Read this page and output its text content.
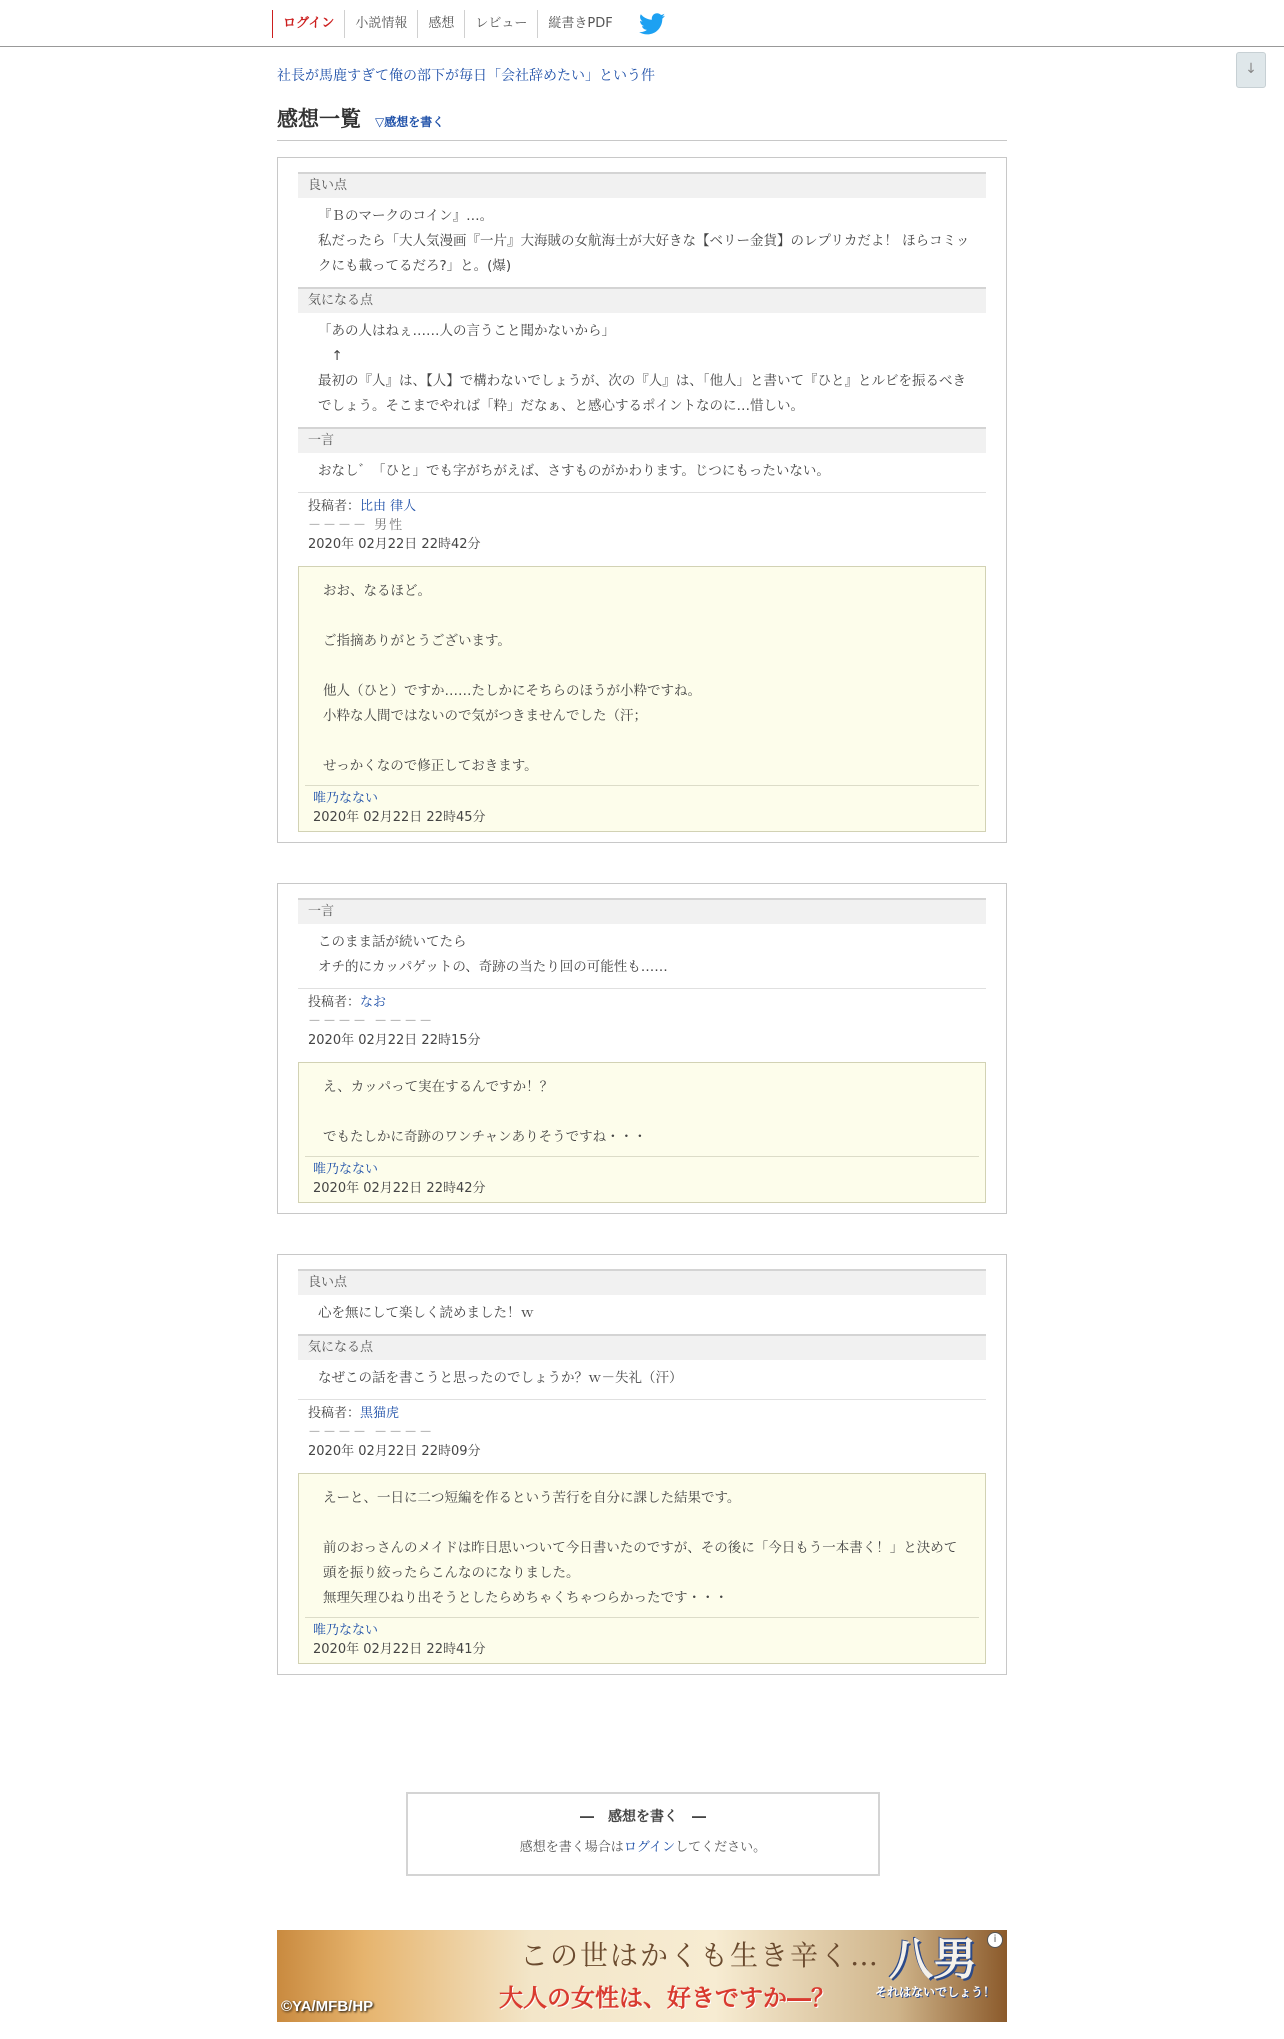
ログイン	小説情報	感想	レビュー	縦書きPDF
↓
社長が馬鹿すぎて俺の部下が毎日「会社辞めたい」という件
感想一覧 ▽感想を書く
良い点
『Ｂのマークのコイン』…。
私だったら「大人気漫画『一片』大海賊の女航海士が大好きな【ベリー金貨】のレプリカだよ！ ほらコミックにも載ってるだろ?」と。(爆)
気になる点
「あの人はねぇ……人の言うこと聞かないから」
　↑
最初の『人』は、【人】で構わないでしょうが、次の『人』は、「他人」と書いて『ひと』とルビを振るべきでしょう。そこまでやれば「粋」だなぁ、と感心するポイントなのに…惜しい。
一言
おなし゛「ひと」でも字がちがえば、さすものがかわります。じつにもったいない。
投稿者：比由 律人
－－－－ 男性
2020年 02月22日 22時42分
おお、なるほど。

ご指摘ありがとうございます。

他人（ひと）ですか……たしかにそちらのほうが小粋ですね。
小粋な人間ではないので気がつきませんでした（汗；

せっかくなので修正しておきます。
唯乃なない
2020年 02月22日 22時45分
一言
このまま話が続いてたら
オチ的にカッパゲットの、奇跡の当たり回の可能性も……
投稿者：なお
－－－－ －－－－
2020年 02月22日 22時15分
え、カッパって実在するんですか！？

でもたしかに奇跡のワンチャンありそうですね・・・
唯乃なない
2020年 02月22日 22時42分
良い点
心を無にして楽しく読めました！ｗ
気になる点
なぜこの話を書こうと思ったのでしょうか？ｗ－失礼（汗）
投稿者：黒猫虎
－－－－ －－－－
2020年 02月22日 22時09分
えーと、一日に二つ短編を作るという苦行を自分に課した結果です。

前のおっさんのメイドは昨日思いついて今日書いたのですが、その後に「今日もう一本書く！」と決めて頭を振り絞ったらこんなのになりました。
無理矢理ひねり出そうとしたらめちゃくちゃつらかったです・・・
唯乃なない
2020年 02月22日 22時41分
―　感想を書く　―
感想を書く場合はログインしてください。
この世はかくも生き辛く…
大人の女性は、好きですか―？
©YA/MFB/HP
八男
それはないでしょう！
i
